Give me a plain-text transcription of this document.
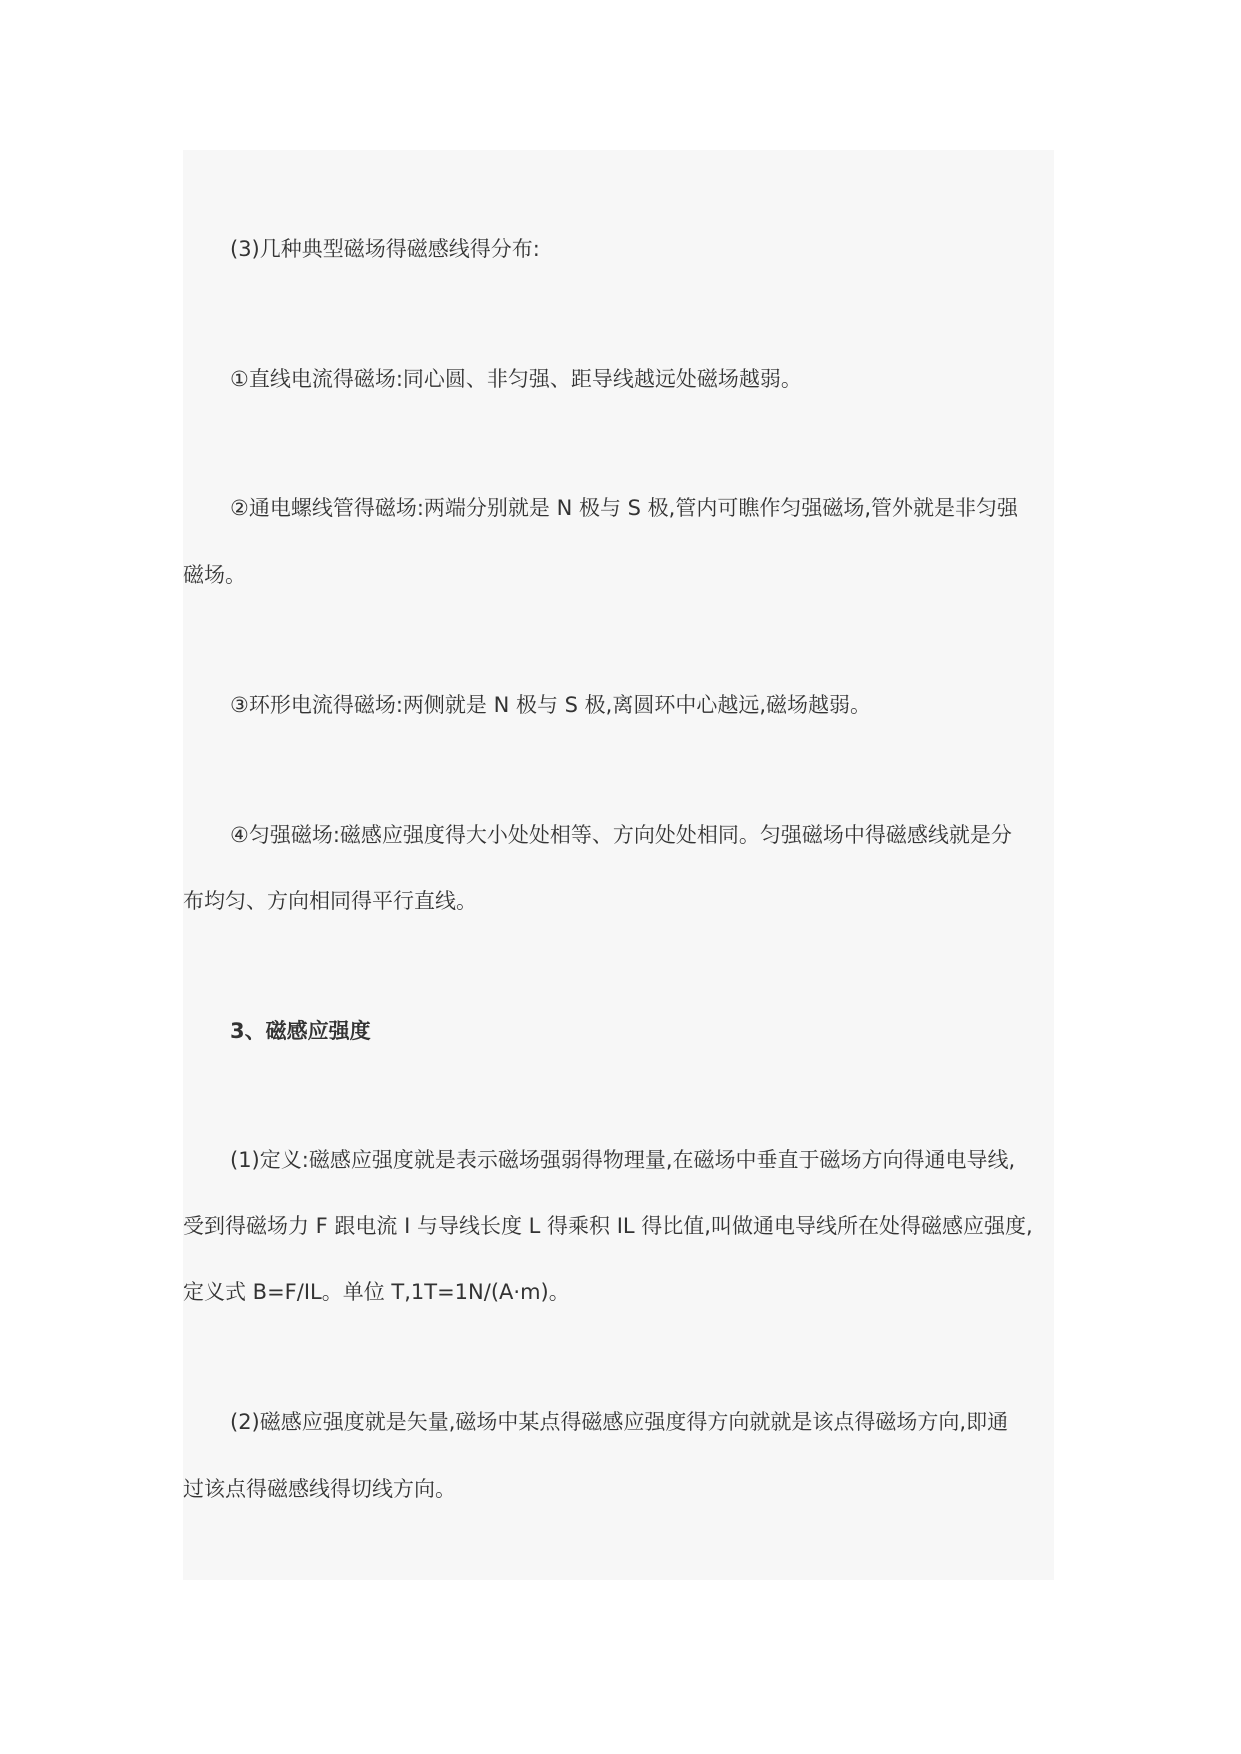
(3)几种典型磁场得磁感线得分布:
①直线电流得磁场:同心圆、非匀强、距导线越远处磁场越弱。
②通电螺线管得磁场:两端分别就是 N 极与 S 极,管内可瞧作匀强磁场,管外就是非匀强
磁场。
③环形电流得磁场:两侧就是 N 极与 S 极,离圆环中心越远,磁场越弱。
④匀强磁场:磁感应强度得大小处处相等、方向处处相同。匀强磁场中得磁感线就是分
布均匀、方向相同得平行直线。
3、磁感应强度
(1)定义:磁感应强度就是表示磁场强弱得物理量,在磁场中垂直于磁场方向得通电导线,
受到得磁场力 F 跟电流 I 与导线长度 L 得乘积 IL 得比值,叫做通电导线所在处得磁感应强度,
定义式 B=F/IL。单位 T,1T=1N/(A·m)。
(2)磁感应强度就是矢量,磁场中某点得磁感应强度得方向就就是该点得磁场方向,即通
过该点得磁感线得切线方向。
